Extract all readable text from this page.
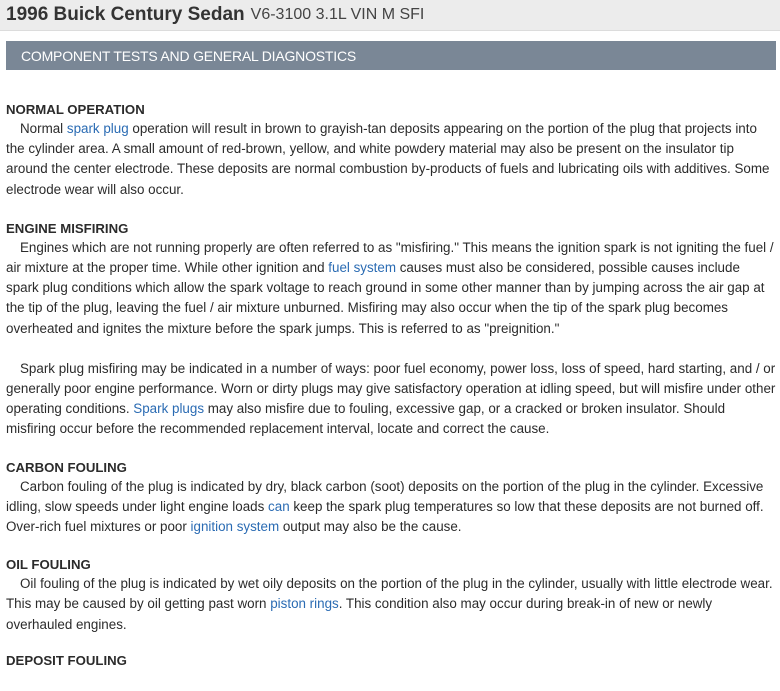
1996 Buick Century Sedan V6-3100 3.1L VIN M SFI
COMPONENT TESTS AND GENERAL DIAGNOSTICS
NORMAL OPERATION

Normal spark plug operation will result in brown to grayish-tan deposits appearing on the portion of the plug that projects into the cylinder area. A small amount of red-brown, yellow, and white powdery material may also be present on the insulator tip around the center electrode. These deposits are normal combustion by-products of fuels and lubricating oils with additives. Some electrode wear will also occur.

ENGINE MISFIRING

Engines which are not running properly are often referred to as "misfiring." This means the ignition spark is not igniting the fuel / air mixture at the proper time. While other ignition and fuel system causes must also be considered, possible causes include spark plug conditions which allow the spark voltage to reach ground in some other manner than by jumping across the air gap at the tip of the plug, leaving the fuel / air mixture unburned. Misfiring may also occur when the tip of the spark plug becomes overheated and ignites the mixture before the spark jumps. This is referred to as "preignition."

Spark plug misfiring may be indicated in a number of ways: poor fuel economy, power loss, loss of speed, hard starting, and / or generally poor engine performance. Worn or dirty plugs may give satisfactory operation at idling speed, but will misfire under other operating conditions. Spark plugs may also misfire due to fouling, excessive gap, or a cracked or broken insulator. Should misfiring occur before the recommended replacement interval, locate and correct the cause.

CARBON FOULING

Carbon fouling of the plug is indicated by dry, black carbon (soot) deposits on the portion of the plug in the cylinder. Excessive idling, slow speeds under light engine loads can keep the spark plug temperatures so low that these deposits are not burned off. Over-rich fuel mixtures or poor ignition system output may also be the cause.

OIL FOULING

Oil fouling of the plug is indicated by wet oily deposits on the portion of the plug in the cylinder, usually with little electrode wear. This may be caused by oil getting past worn piston rings. This condition also may occur during break-in of new or newly overhauled engines.

DEPOSIT FOULING
